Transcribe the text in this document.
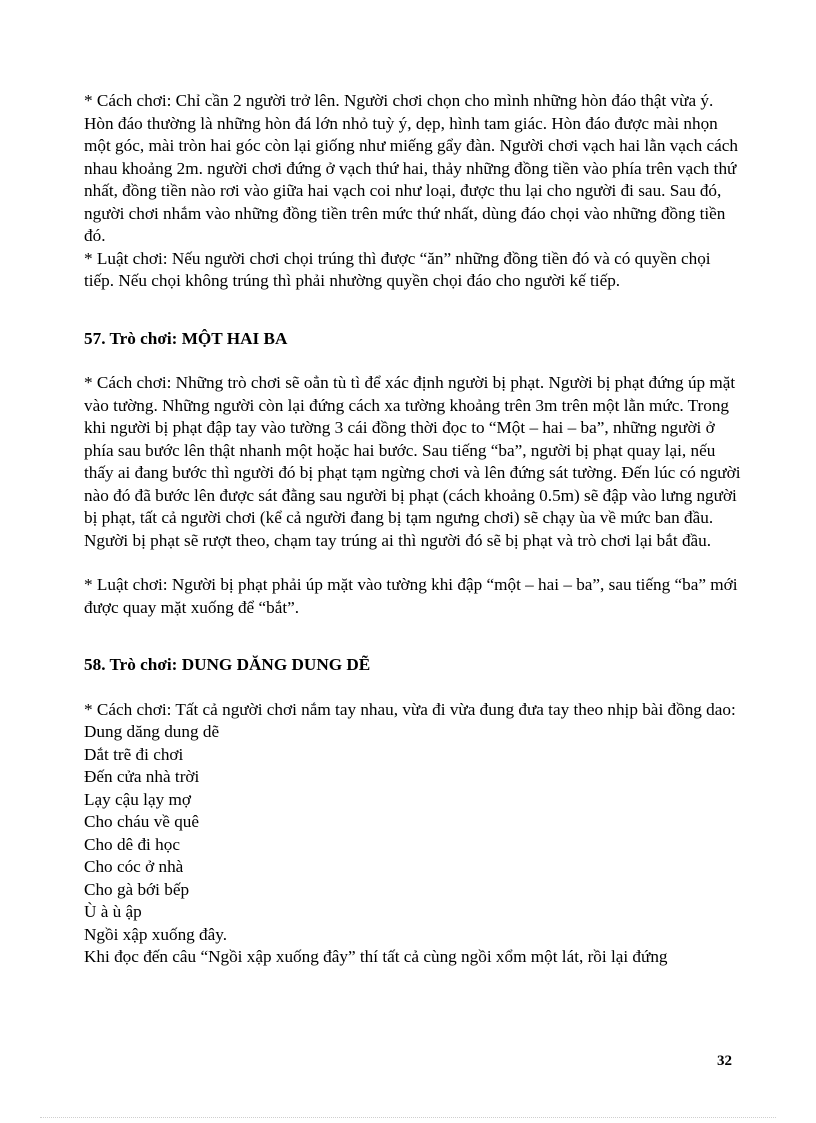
* Cách chơi: Chỉ cần 2 người trở lên. Người chơi chọn cho mình những hòn đáo thật vừa ý. Hòn đáo thường là những hòn đá lớn nhỏ tuỳ ý, dẹp, hình tam giác. Hòn đáo được mài nhọn một góc, mài tròn hai góc còn lại giống như miếng gẩy đàn. Người chơi vạch hai lằn vạch cách nhau khoảng 2m. người chơi đứng ở vạch thứ hai, thảy những đồng tiền vào phía trên vạch thứ nhất, đồng tiền nào rơi vào giữa hai vạch coi như loại, được thu lại cho người đi sau. Sau đó, người chơi nhắm vào những đồng tiền trên mức thứ nhất, dùng đáo chọi vào những đồng tiền đó.

* Luật chơi: Nếu người chơi chọi trúng thì được “ăn” những đồng tiền đó và có quyền chọi tiếp. Nếu chọi không trúng thì phải nhường quyền chọi đáo cho người kế tiếp.

57. Trò chơi: MỘT HAI BA

* Cách chơi: Những trò chơi sẽ oẳn tù tì để xác định người bị phạt. Người bị phạt đứng úp mặt vào tường. Những người còn lại đứng cách xa tường khoảng trên 3m trên một lằn mức. Trong khi người bị phạt đập tay vào tường 3 cái đồng thời đọc to “Một – hai – ba”, những người ở phía sau bước lên thật nhanh một hoặc hai bước. Sau tiếng “ba”, người bị phạt quay lại, nếu thấy ai đang bước thì người đó bị phạt tạm ngừng chơi và lên đứng sát tường. Đến lúc có người nào đó đã bước lên được sát đằng sau người bị phạt (cách khoảng 0.5m) sẽ đập vào lưng người bị phạt, tất cả người chơi (kể cả người đang bị tạm ngưng chơi) sẽ chạy ùa về mức ban đầu. Người bị phạt sẽ rượt theo, chạm tay trúng ai thì người đó sẽ bị phạt và trò chơi lại bắt đầu.

* Luật chơi: Người bị phạt phải úp mặt vào tường khi đập “một – hai – ba”, sau tiếng “ba” mới được quay mặt xuống để “bắt”.

58. Trò chơi: DUNG DĂNG DUNG DẼ

* Cách chơi: Tất cả người chơi nắm tay nhau, vừa đi vừa đung đưa tay theo nhịp bài đồng dao:

Dung dăng dung dẽ

Dắt trẽ đi chơi

Đến cửa nhà trời

Lạy cậu lạy mợ

Cho cháu về quê

Cho dê đi học

Cho cóc ở nhà

Cho gà bới bếp

Ù à ù ập

Ngồi xập xuống đây.

Khi đọc đến câu “Ngồi xập xuống đây” thí tất cả cùng ngồi xổm một lát, rồi lại đứng

32
